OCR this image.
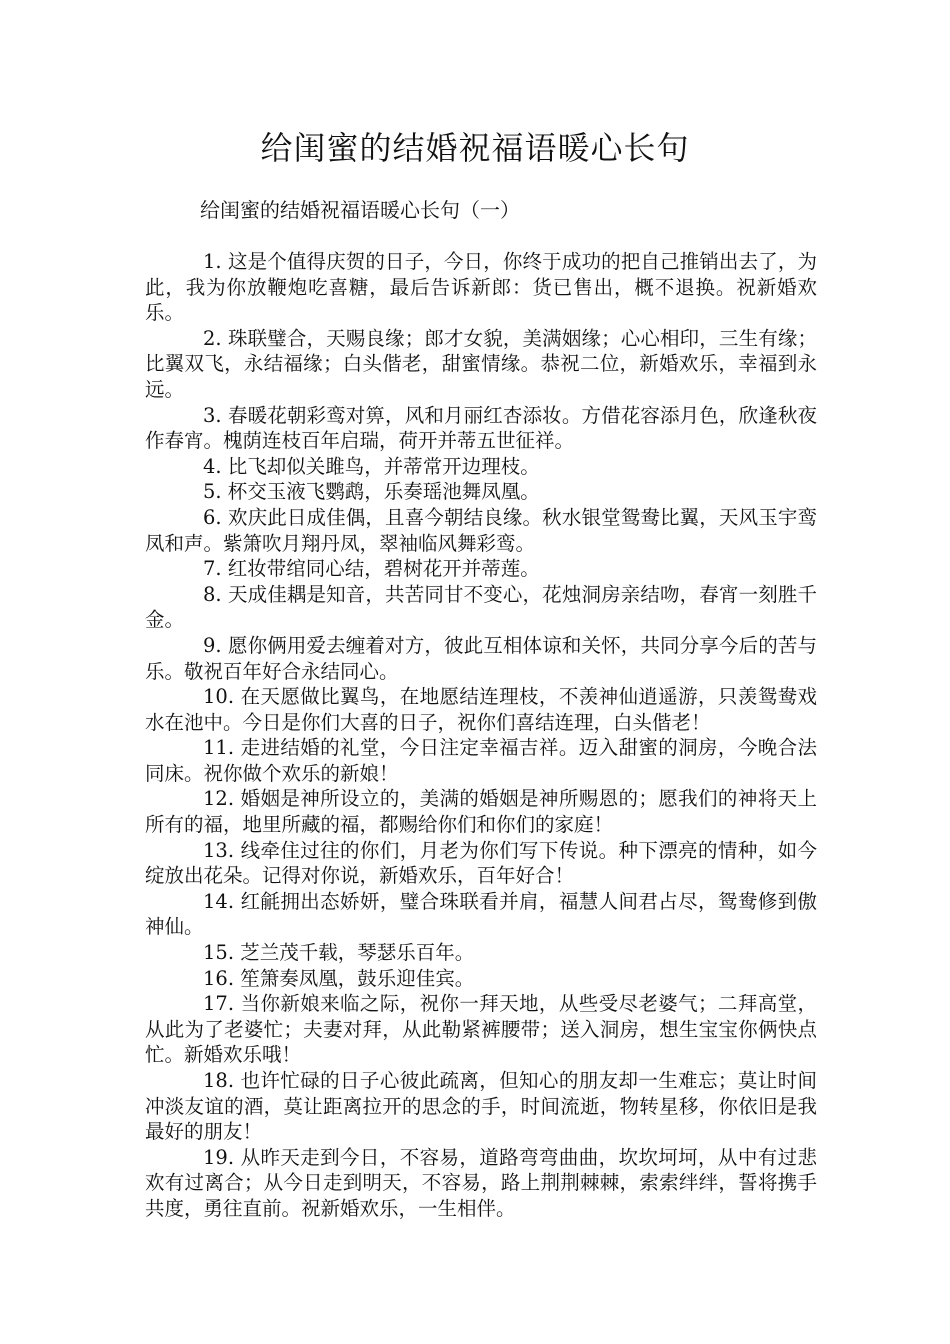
给闺蜜的结婚祝福语暖心长句

给闺蜜的结婚祝福语暖心长句（一）

1. 这是个值得庆贺的日子，今日，你终于成功的把自己推销出去了，为此，我为你放鞭炮吃喜糖，最后告诉新郎：货已售出，概不退换。祝新婚欢乐。

2. 珠联璧合，天赐良缘；郎才女貌，美满姻缘；心心相印，三生有缘；比翼双飞，永结福缘；白头偕老，甜蜜情缘。恭祝二位，新婚欢乐，幸福到永远。

3. 春暖花朝彩鸾对箅，风和月丽红杏添妆。方借花容添月色，欣逢秋夜作春宵。槐荫连枝百年启瑞，荷开并蒂五世征祥。

4. 比飞却似关雎鸟，并蒂常开边理枝。

5. 杯交玉液飞鹦鹉，乐奏瑶池舞凤凰。

6. 欢庆此日成佳偶，且喜今朝结良缘。秋水银堂鸳鸯比翼，天风玉宇鸾凤和声。紫箫吹月翔丹凤，翠袖临风舞彩鸾。

7. 红妆带绾同心结，碧树花开并蒂莲。

8. 天成佳耦是知音，共苦同甘不变心，花烛洞房亲结吻，春宵一刻胜千金。

9. 愿你俩用爱去缠着对方，彼此互相体谅和关怀，共同分享今后的苦与乐。敬祝百年好合永结同心。

10. 在天愿做比翼鸟，在地愿结连理枝，不羡神仙逍遥游，只羡鸳鸯戏水在池中。今日是你们大喜的日子，祝你们喜结连理，白头偕老！

11. 走进结婚的礼堂，今日注定幸福吉祥。迈入甜蜜的洞房，今晚合法同床。祝你做个欢乐的新娘！

12. 婚姻是神所设立的，美满的婚姻是神所赐恩的；愿我们的神将天上所有的福，地里所藏的福，都赐给你们和你们的家庭！

13. 线牵住过往的你们，月老为你们写下传说。种下漂亮的情种，如今绽放出花朵。记得对你说，新婚欢乐，百年好合！

14. 红毹拥出态娇妍，璧合珠联看并肩，福慧人间君占尽，鸳鸯修到傲神仙。

15. 芝兰茂千载，琴瑟乐百年。

16. 笙箫奏凤凰，鼓乐迎佳宾。

17. 当你新娘来临之际，祝你一拜天地，从些受尽老婆气；二拜高堂，从此为了老婆忙；夫妻对拜，从此勒紧裤腰带；送入洞房，想生宝宝你俩快点忙。新婚欢乐哦！

18. 也许忙碌的日子心彼此疏离，但知心的朋友却一生难忘；莫让时间冲淡友谊的酒，莫让距离拉开的思念的手，时间流逝，物转星移，你依旧是我最好的朋友！

19. 从昨天走到今日，不容易，道路弯弯曲曲，坎坎坷坷，从中有过悲欢有过离合；从今日走到明天，不容易，路上荆荆棘棘，索索绊绊，誓将携手共度，勇往直前。祝新婚欢乐，一生相伴。
